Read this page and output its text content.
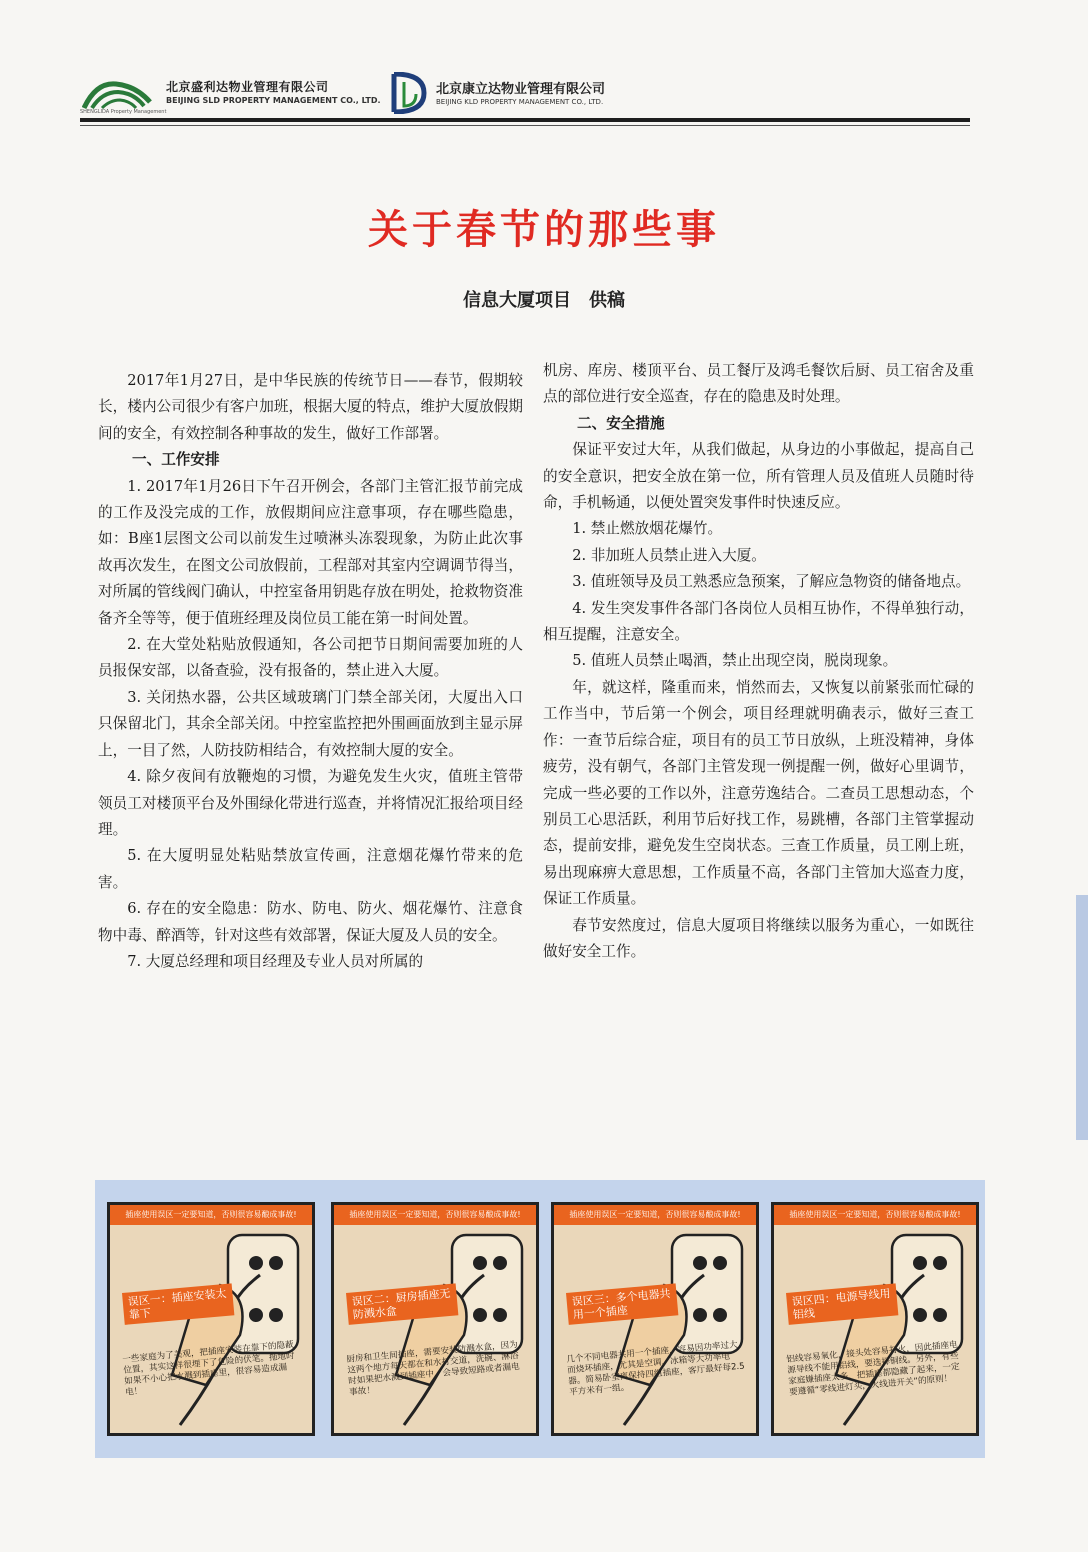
北京盛利达物业管理有限公司
BEIJING SLD PROPERTY MANAGEMENT CO., LTD.
SHENGLIDA Property Management
北京康立达物业管理有限公司
BEIJING KLD PROPERTY MANAGEMENT CO., LTD.
关于春节的那些事
信息大厦项目　供稿

2017年1月27日，是中华民族的传统节日——春节，假期较长，楼内公司很少有客户加班，根据大厦的特点，维护大厦放假期间的安全，有效控制各种事故的发生，做好工作部署。

一、工作安排

1. 2017年1月26日下午召开例会，各部门主管汇报节前完成的工作及没完成的工作，放假期间应注意事项，存在哪些隐患，如：B座1层图文公司以前发生过喷淋头冻裂现象，为防止此次事故再次发生，在图文公司放假前，工程部对其室内空调调节得当，对所属的管线阀门确认，中控室备用钥匙存放在明处，抢救物资准备齐全等等，便于值班经理及岗位员工能在第一时间处置。

2. 在大堂处粘贴放假通知，各公司把节日期间需要加班的人员报保安部，以备查验，没有报备的，禁止进入大厦。

3. 关闭热水器，公共区域玻璃门门禁全部关闭，大厦出入口只保留北门，其余全部关闭。中控室监控把外围画面放到主显示屏上，一目了然，人防技防相结合，有效控制大厦的安全。

4. 除夕夜间有放鞭炮的习惯，为避免发生火灾，值班主管带领员工对楼顶平台及外围绿化带进行巡查，并将情况汇报给项目经理。

5. 在大厦明显处粘贴禁放宣传画，注意烟花爆竹带来的危害。

6. 存在的安全隐患：防水、防电、防火、烟花爆竹、注意食物中毒、醉酒等，针对这些有效部署，保证大厦及人员的安全。

7. 大厦总经理和项目经理及专业人员对所属的

机房、库房、楼顶平台、员工餐厅及鸿毛餐饮后厨、员工宿舍及重点的部位进行安全巡查，存在的隐患及时处理。

二、安全措施

保证平安过大年，从我们做起，从身边的小事做起，提高自己的安全意识，把安全放在第一位，所有管理人员及值班人员随时待命，手机畅通，以便处置突发事件时快速反应。

1. 禁止燃放烟花爆竹。

2. 非加班人员禁止进入大厦。

3. 值班领导及员工熟悉应急预案，了解应急物资的储备地点。

4. 发生突发事件各部门各岗位人员相互协作，不得单独行动，相互提醒，注意安全。

5. 值班人员禁止喝酒，禁止出现空岗，脱岗现象。

年，就这样，隆重而来，悄然而去，又恢复以前紧张而忙碌的工作当中，节后第一个例会，项目经理就明确表示，做好三查工作：一查节后综合症，项目有的员工节日放纵，上班没精神，身体疲劳，没有朝气，各部门主管发现一例提醒一例，做好心里调节，完成一些必要的工作以外，注意劳逸结合。二查员工思想动态，个别员工心思活跃，利用节后好找工作，易跳槽，各部门主管掌握动态，提前安排，避免发生空岗状态。三查工作质量，员工刚上班，易出现麻痹大意思想，工作质量不高，各部门主管加大巡查力度，保证工作质量。

春节安然度过，信息大厦项目将继续以服务为重心，一如既往做好安全工作。

插座使用误区一定要知道，否则很容易酿成事故!
误区一：插座安装太靠下
一些家庭为了美观，把插座安装在靠下的隐蔽位置，其实这样很埋下了危险的伏笔。拖地时如果不小心把水溅到插座里，很容易造成漏电！
插座使用误区一定要知道，否则很容易酿成事故!
误区二：厨房插座无防溅水盒
厨房和卫生间插座，需要安装防溅水盒，因为这两个地方每天都在和水打交道，洗碗、淋浴时如果把水溅到插座中，会导致短路或者漏电事故！
插座使用误区一定要知道，否则很容易酿成事故!
误区三：多个电器共用一个插座
几个不同电器共用一个插座，容易因功率过大而烧坏插座，尤其是空调、冰箱等大功率电器。简易卧室离保持四组插座，客厅最好每2.5平方米有一组。
插座使用误区一定要知道，否则很容易酿成事故!
误区四：电源导线用铝线
铝线容易氧化，接头处容易打火，因此插座电源导线不能用铝线，要选择铜线。另外，有些家庭嫌插座太多，把插座都隐藏了起来，一定要遵循“零线进灯头，火线进开关”的原则！
